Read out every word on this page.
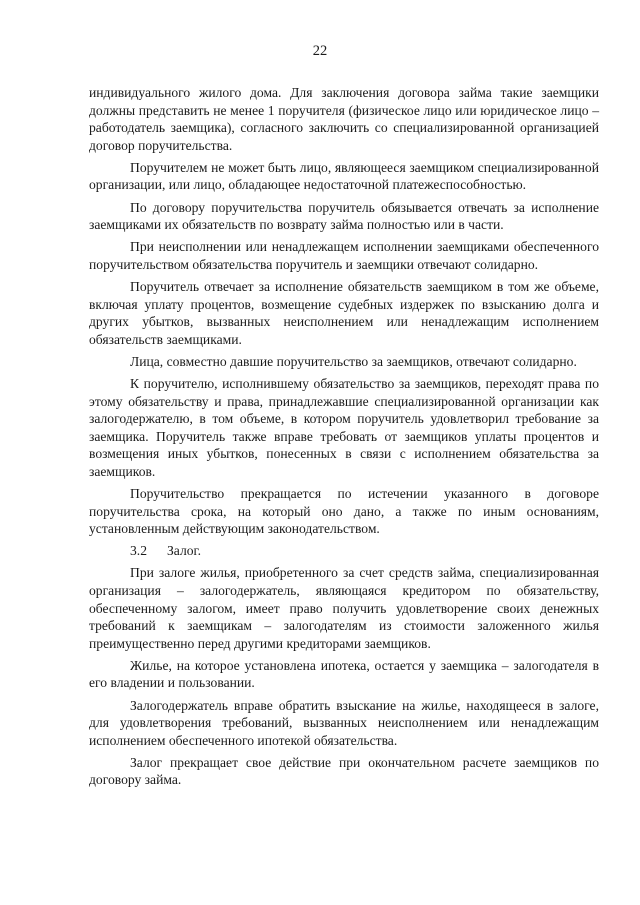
22

индивидуального жилого дома. Для заключения договора займа такие заемщики должны представить не менее 1 поручителя (физическое лицо или юридическое лицо – работодатель заемщика), согласного заключить со специализированной организацией договор поручительства.

Поручителем не может быть лицо, являющееся заемщиком специализированной организации, или лицо, обладающее недостаточной платежеспособностью.

По договору поручительства поручитель обязывается отвечать за исполнение заемщиками их обязательств по возврату займа полностью или в части.

При неисполнении или ненадлежащем исполнении заемщиками обеспеченного поручительством обязательства поручитель и заемщики отвечают солидарно.

Поручитель отвечает за исполнение обязательств заемщиком в том же объеме, включая уплату процентов, возмещение судебных издержек по взысканию долга и других убытков, вызванных неисполнением или ненадлежащим исполнением обязательств заемщиками.

Лица, совместно давшие поручительство за заемщиков, отвечают солидарно.

К поручителю, исполнившему обязательство за заемщиков, переходят права по этому обязательству и права, принадлежавшие специализированной организации как залогодержателю, в том объеме, в котором поручитель удовлетворил требование за заемщика. Поручитель также вправе требовать от заемщиков уплаты процентов и возмещения иных убытков, понесенных в связи с исполнением обязательства за заемщиков.

Поручительство прекращается по истечении указанного в договоре поручительства срока, на который оно дано, а также по иным основаниям, установленным действующим законодательством.

3.2 Залог.

При залоге жилья, приобретенного за счет средств займа, специализированная организация – залогодержатель, являющаяся кредитором по обязательству, обеспеченному залогом, имеет право получить удовлетворение своих денежных требований к заемщикам – залогодателям из стоимости заложенного жилья преимущественно перед другими кредиторами заемщиков.

Жилье, на которое установлена ипотека, остается у заемщика – залогодателя в его владении и пользовании.

Залогодержатель вправе обратить взыскание на жилье, находящееся в залоге, для удовлетворения требований, вызванных неисполнением или ненадлежащим исполнением обеспеченного ипотекой обязательства.

Залог прекращает свое действие при окончательном расчете заемщиков по договору займа.
